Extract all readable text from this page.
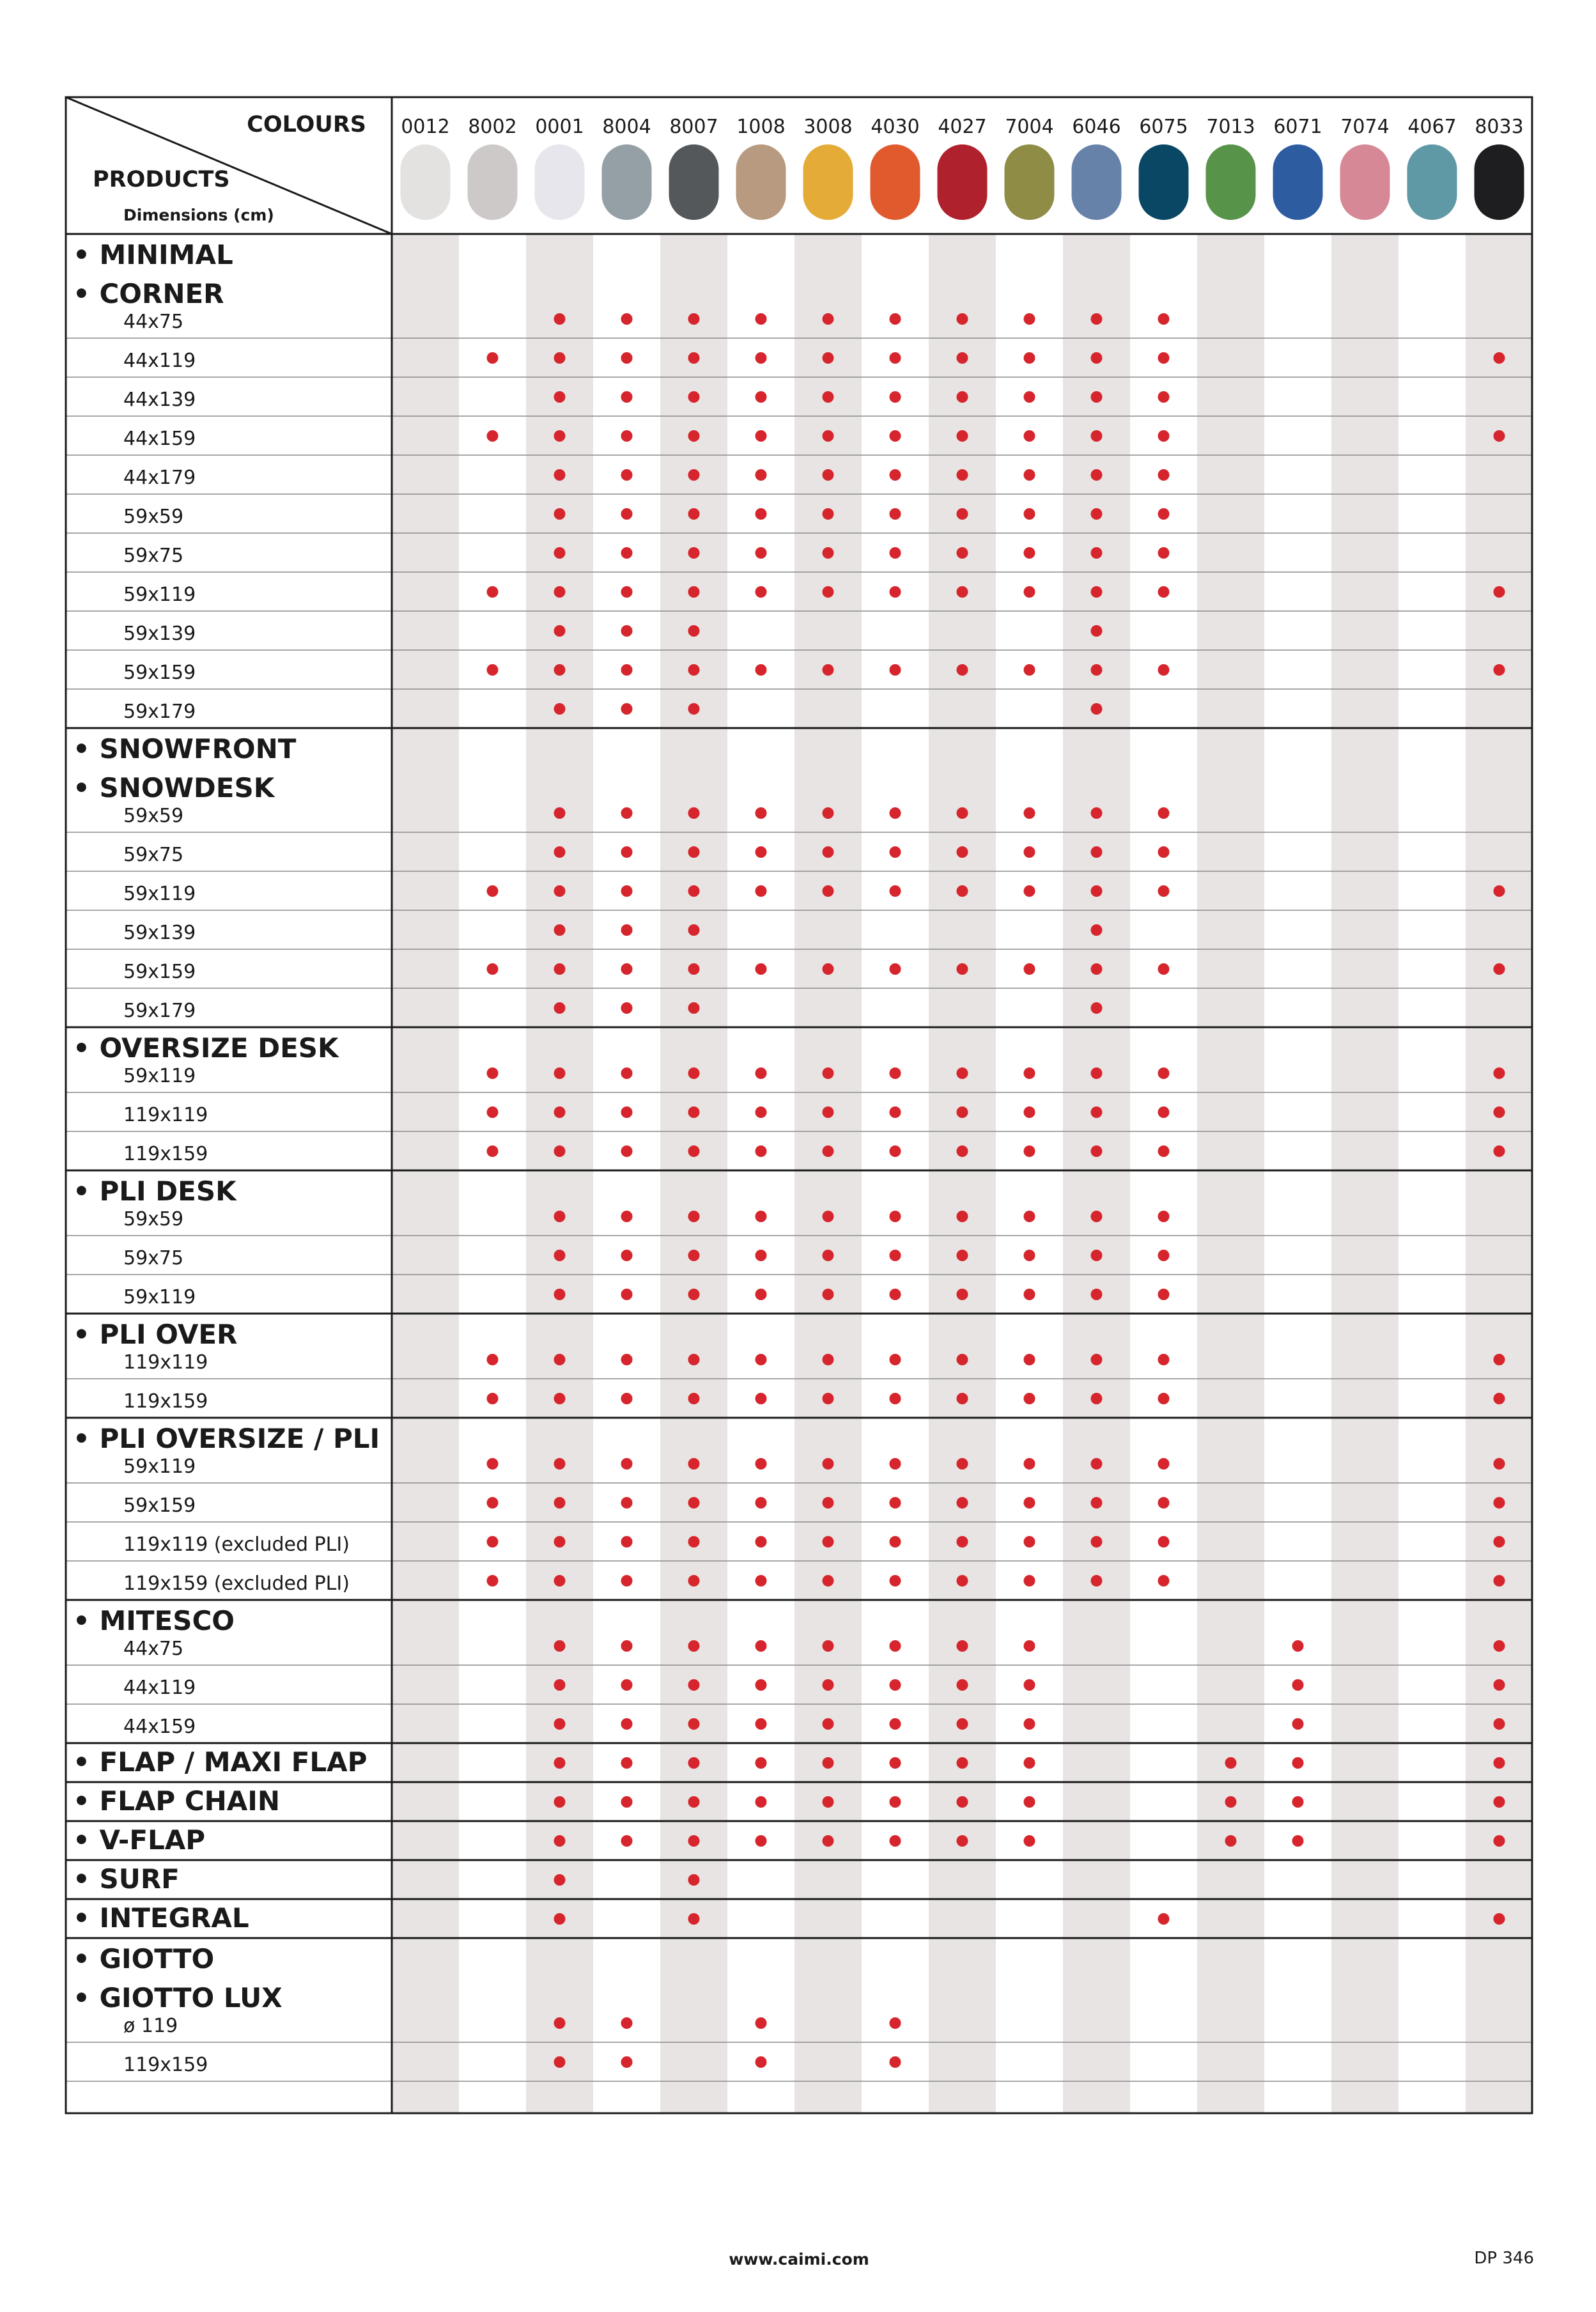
0012 8002 0001 8004 8007 1008 3008 4030 4027 7004 6046 6075 7013 6071 7074 4067 8033
COLOURS
PRODUCTS
Dimensions (cm)
• MINIMAL
• CORNER
44x75
44x119
44x139
44x159
44x179
59x59
59x75
59x119
59x139
59x159
59x179
• SNOWFRONT
• SNOWDESK
59x59
59x75
59x119
59x139
59x159
59x179
• OVERSIZE DESK
59x119
119x119
119x159
• PLI DESK
59x59
59x75
59x119
• PLI OVER
119x119
119x159
• PLI OVERSIZE / PLI
59x119
59x159
119x119 (excluded PLI)
119x159 (excluded PLI)
• MITESCO
44x75
44x119
44x159
• FLAP / MAXI FLAP
• FLAP CHAIN
• V-FLAP
• SURF
• INTEGRAL
• GIOTTO
• GIOTTO LUX
ø 119
119x159
www.caimi.com	DP 346
